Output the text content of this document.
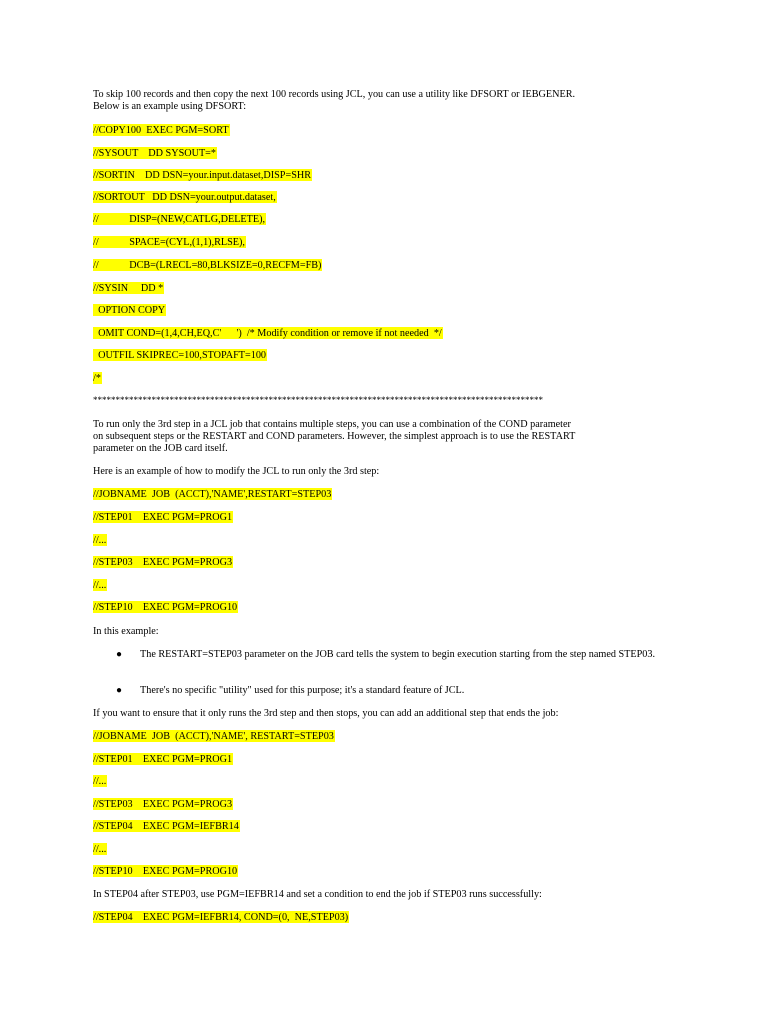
To skip 100 records and then copy the next 100 records using JCL, you can use a utility like DFSORT or IEBGENER.
Below is an example using DFSORT:
//COPY100  EXEC PGM=SORT
//SYSOUT    DD SYSOUT=*
//SORTIN    DD DSN=your.input.dataset,DISP=SHR
//SORTOUT   DD DSN=your.output.dataset,
//            DISP=(NEW,CATLG,DELETE),
//            SPACE=(CYL,(1,1),RLSE),
//            DCB=(LRECL=80,BLKSIZE=0,RECFM=FB)
//SYSIN     DD *
OPTION COPY
OMIT COND=(1,4,CH,EQ,C'      ')  /* Modify condition or remove if not needed  */
OUTFIL SKIPREC=100,STOPAFT=100
/*
****************************************************************************************************
To run only the 3rd step in a JCL job that contains multiple steps, you can use a combination of the COND parameter
on subsequent steps or the RESTART and COND parameters. However, the simplest approach is to use the RESTART
parameter on the JOB card itself.
Here is an example of how to modify the JCL to run only the 3rd step:
//JOBNAME  JOB  (ACCT),'NAME',RESTART=STEP03
//STEP01    EXEC PGM=PROG1
//...
//STEP03    EXEC PGM=PROG3
//...
//STEP10    EXEC PGM=PROG10
In this example:
● The RESTART=STEP03 parameter on the JOB card tells the system to begin execution starting from the step named STEP03.
● There's no specific "utility" used for this purpose; it's a standard feature of JCL.
If you want to ensure that it only runs the 3rd step and then stops, you can add an additional step that ends the job:
//JOBNAME  JOB  (ACCT),'NAME', RESTART=STEP03
//STEP01    EXEC PGM=PROG1
//...
//STEP03    EXEC PGM=PROG3
//STEP04    EXEC PGM=IEFBR14
//...
//STEP10    EXEC PGM=PROG10
In STEP04 after STEP03, use PGM=IEFBR14 and set a condition to end the job if STEP03 runs successfully:
//STEP04    EXEC PGM=IEFBR14, COND=(0,  NE,STEP03)
